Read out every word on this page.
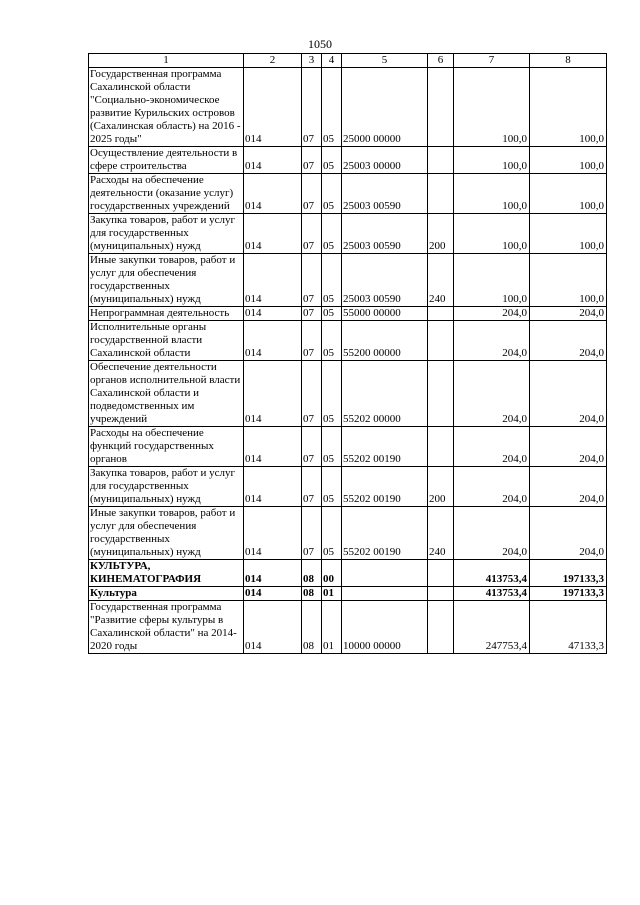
1050
1	2	3	4	5	6	7	8
Государственная программа Сахалинской области "Социально-экономическое развитие Курильских островов (Сахалинская область) на 2016 - 2025 годы"	014	07	05	25000 00000		100,0	100,0
Осуществление деятельности в сфере строительства	014	07	05	25003 00000		100,0	100,0
Расходы на обеспечение деятельности (оказание услуг) государственных учреждений	014	07	05	25003 00590		100,0	100,0
Закупка товаров, работ и услуг для государственных (муниципальных) нужд	014	07	05	25003 00590	200	100,0	100,0
Иные закупки товаров, работ и услуг для обеспечения государственных (муниципальных) нужд	014	07	05	25003 00590	240	100,0	100,0
Непрограммная деятельность	014	07	05	55000 00000		204,0	204,0
Исполнительные органы государственной власти Сахалинской области	014	07	05	55200 00000		204,0	204,0
Обеспечение деятельности органов исполнительной власти Сахалинской области и подведомственных им учреждений	014	07	05	55202 00000		204,0	204,0
Расходы на обеспечение функций государственных органов	014	07	05	55202 00190		204,0	204,0
Закупка товаров, работ и услуг для государственных (муниципальных) нужд	014	07	05	55202 00190	200	204,0	204,0
Иные закупки товаров, работ и услуг для обеспечения государственных (муниципальных) нужд	014	07	05	55202 00190	240	204,0	204,0
КУЛЬТУРА, КИНЕМАТОГРАФИЯ	014	08	00			413753,4	197133,3
Культура	014	08	01			413753,4	197133,3
Государственная программа "Развитие сферы культуры в Сахалинской области" на 2014-2020 годы	014	08	01	10000 00000		247753,4	47133,3
